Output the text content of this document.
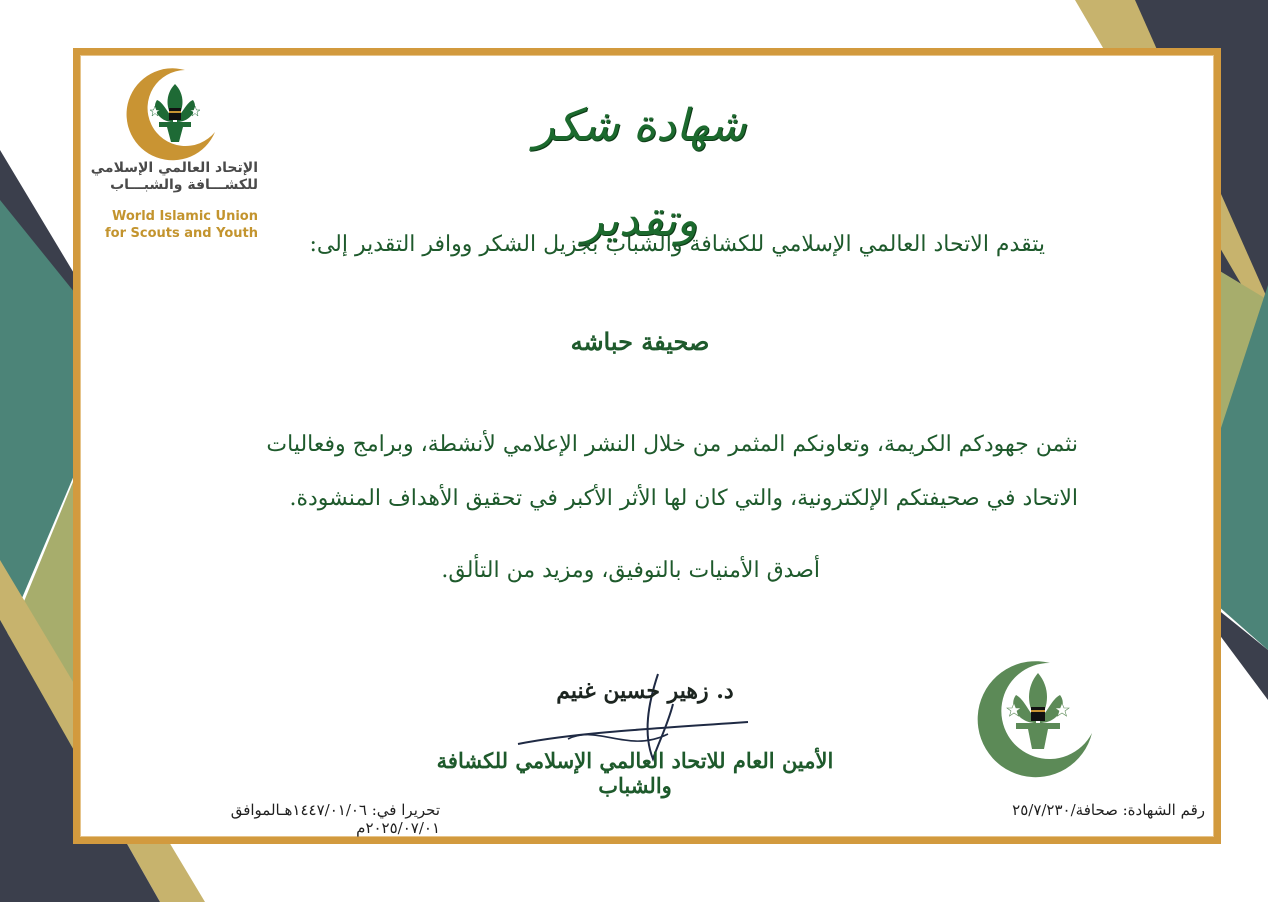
الإتحاد العالمي الإسلامي
للكشـــافة والشبـــاب
World Islamic Union
for Scouts and Youth
شهادة شكر وتقدير
يتقدم الاتحاد العالمي الإسلامي للكشافة والشباب بجزيل الشكر ووافر التقدير إلى:
صحيفة حباشه
نثمن جهودكم الكريمة، وتعاونكم المثمر من خلال النشر الإعلامي لأنشطة، وبرامج وفعاليات
الاتحاد في صحيفتكم الإلكترونية، والتي كان لها الأثر الأكبر في تحقيق الأهداف المنشودة.
أصدق الأمنيات بالتوفيق، ومزيد من التألق.
د. زهير حسين غنيم
الأمين العام للاتحاد العالمي الإسلامي للكشافة والشباب
رقم الشهادة: صحافة/٢٥/٧/٢٣٠
تحريرا في: ١٤٤٧/٠١/٠٦هـالموافق ٢٠٢٥/٠٧/٠١م
